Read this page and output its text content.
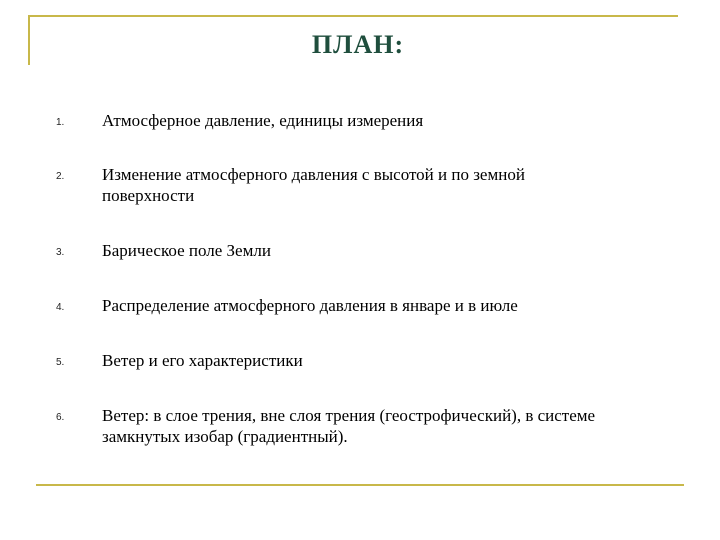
ПЛАН:
1. Атмосферное давление, единицы измерения
2. Изменение атмосферного давления с высотой и по земной поверхности
3. Барическое поле Земли
4. Распределение атмосферного давления в январе и в июле
5. Ветер и его характеристики
6. Ветер: в слое трения, вне слоя трения (геострофический), в системе замкнутых изобар (градиентный).
